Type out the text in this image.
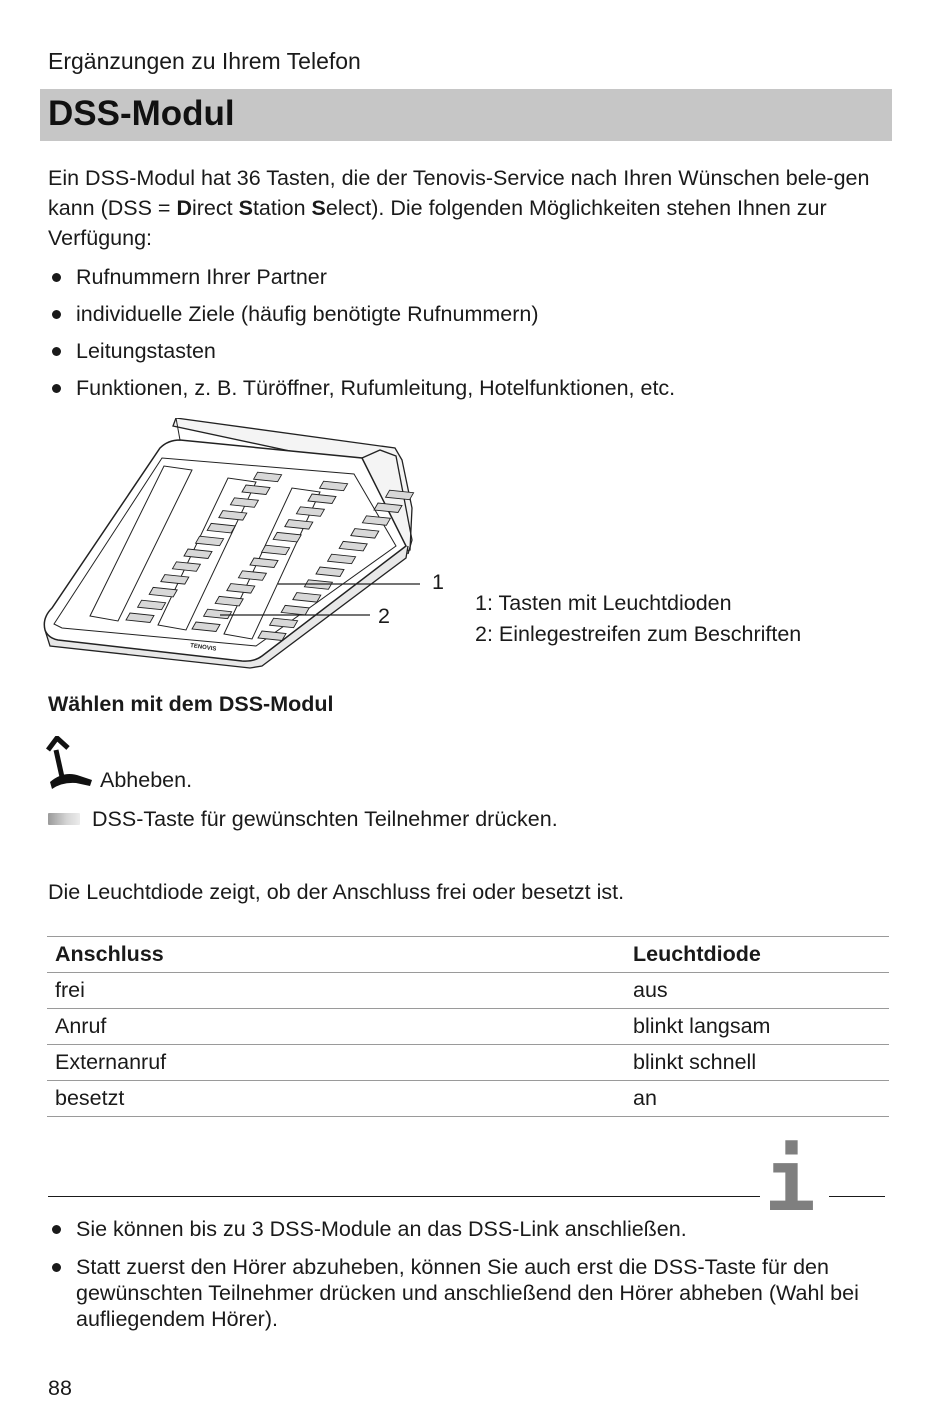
Ergänzungen zu Ihrem Telefon
DSS-Modul
Ein DSS-Modul hat 36 Tasten, die der Tenovis-Service nach Ihren Wünschen bele-gen kann (DSS = Direct Station Select). Die folgenden Möglichkeiten stehen Ihnen zur Verfügung:
Rufnummern Ihrer Partner
individuelle Ziele (häufig benötigte Rufnummern)
Leitungstasten
Funktionen, z. B. Türöffner, Rufumleitung, Hotelfunktionen, etc.
TENOVIS
1
2
1: Tasten mit Leuchtdioden
2: Einlegestreifen zum Beschriften
Wählen mit dem DSS-Modul
Abheben.
DSS-Taste für gewünschten Teilnehmer drücken.
Die Leuchtdiode zeigt, ob der Anschluss frei oder besetzt ist.
Anschluss	Leuchtdiode
frei	aus
Anruf	blinkt langsam
Externanruf	blinkt schnell
besetzt	an
i
Sie können bis zu 3 DSS-Module an das DSS-Link anschließen.
Statt zuerst den Hörer abzuheben, können Sie auch erst die DSS-Taste für den gewünschten Teilnehmer drücken und anschließend den Hörer abheben (Wahl bei aufliegendem Hörer).
88
